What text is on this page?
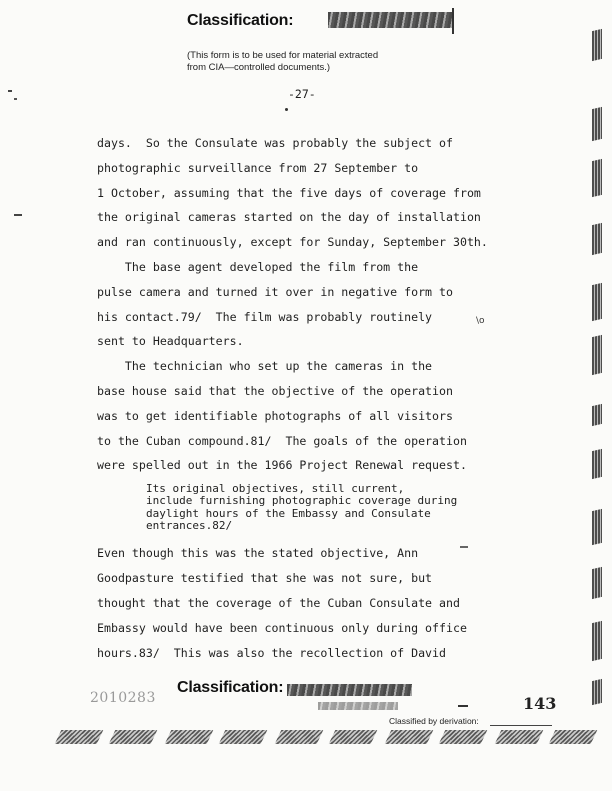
Classification:
(This form is to be used for material extracted
from CIA—controlled documents.)
-27-
days.  So the Consulate was probably the subject of
photographic surveillance from 27 September to
1 October, assuming that the five days of coverage from
the original cameras started on the day of installation
and ran continuously, except for Sunday, September 30th.
The base agent developed the film from the
pulse camera and turned it over in negative form to
his contact.79/  The film was probably routinely
sent to Headquarters.
The technician who set up the cameras in the
base house said that the objective of the operation
was to get identifiable photographs of all visitors
to the Cuban compound.81/  The goals of the operation
were spelled out in the 1966 Project Renewal request.
\o
Its original objectives, still current,
include furnishing photographic coverage during
daylight hours of the Embassy and Consulate
entrances.82/
Even though this was the stated objective, Ann
Goodpasture testified that she was not sure, but
thought that the coverage of the Cuban Consulate and
Embassy would have been continuous only during office
hours.83/  This was also the recollection of David
2010283
Classification:
143
Classified by derivation:
